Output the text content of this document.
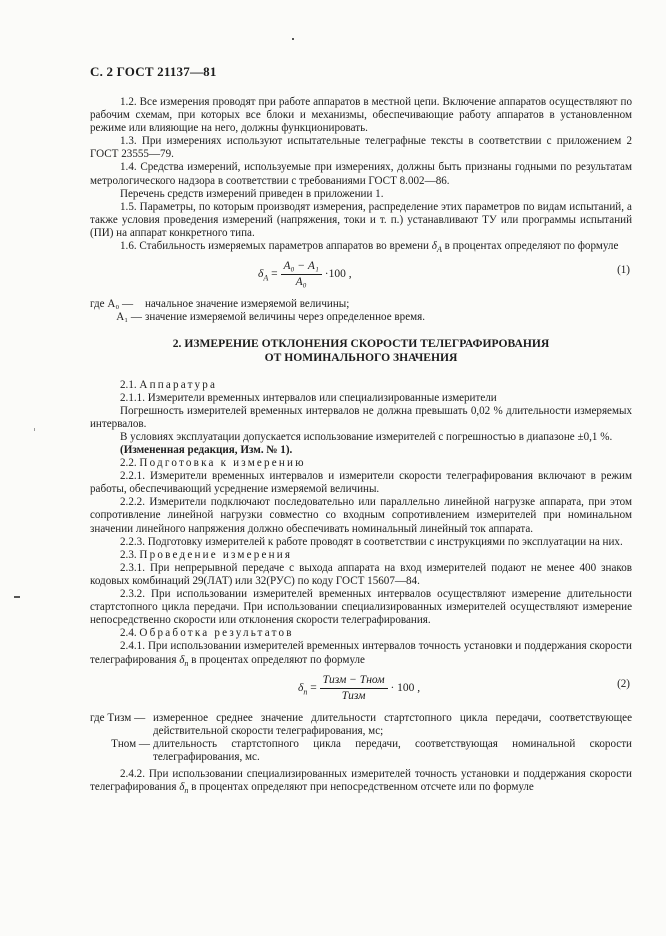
С. 2 ГОСТ 21137—81

1.2. Все измерения проводят при работе аппаратов в местной цепи. Включение аппаратов осуществляют по рабочим схемам, при которых все блоки и механизмы, обеспечивающие работу аппаратов в установленном режиме или влияющие на него, должны функционировать.

1.3. При измерениях используют испытательные телеграфные тексты в соответствии с приложением 2 ГОСТ 23555—79.

1.4. Средства измерений, используемые при измерениях, должны быть признаны годными по результатам метрологического надзора в соответствии с требованиями ГОСТ 8.002—86.

Перечень средств измерений приведен в приложении 1.

1.5. Параметры, по которым производят измерения, распределение этих параметров по видам испытаний, а также условия проведения измерений (напряжения, токи и т. п.) устанавливают ТУ или программы испытаний (ПИ) на аппарат конкретного типа.

1.6. Стабильность измеряемых параметров аппаратов во времени $\delta_A$ в процентах определяют по формуле

$\delta_A = \frac{\text{A₀ − A₁}}{\text{A₀}} \cdot 100$ ,	(1)
где A₀ —	начальное значение измеряемой величины;
A₁ — значение измеряемой величины через определенное время.
2. ИЗМЕРЕНИЕ ОТКЛОНЕНИЯ СКОРОСТИ ТЕЛЕГРАФИРОВАНИЯ
ОТ НОМИНАЛЬНОГО ЗНАЧЕНИЯ

2.1. Аппаратура

2.1.1. Измерители временных интервалов или специализированные измерители

Погрешность измерителей временных интервалов не должна превышать 0,02 % длительности измеряемых интервалов.

В условиях эксплуатации допускается использование измерителей с погрешностью в диапазоне ±0,1 %.

(Измененная редакция, Изм. № 1).

2.2. Подготовка к измерению

2.2.1. Измерители временных интервалов и измерители скорости телеграфирования включают в режим работы, обеспечивающий усреднение измеряемой величины.

2.2.2. Измерители подключают последовательно или параллельно линейной нагрузке аппарата, при этом сопротивление линейной нагрузки совместно со входным сопротивлением измерителей при номинальном значении линейного напряжения должно обеспечивать номинальный линейный ток аппарата.

2.2.3. Подготовку измерителей к работе проводят в соответствии с инструкциями по эксплуатации на них.

2.3. Проведение измерения

2.3.1. При непрерывной передаче с выхода аппарата на вход измерителей подают не менее 400 знаков кодовых комбинаций 29(ЛАТ) или 32(РУС) по коду ГОСТ 15607—84.

2.3.2. При использовании измерителей временных интервалов осуществляют измерение длительности стартстопного цикла передачи. При использовании специализированных измерителей осуществляют измерение непосредственно скорости или отклонения скорости телеграфирования.

2.4. Обработка результатов

2.4.1. При использовании измерителей временных интервалов точность установки и поддержания скорости телеграфирования $\delta_п$ в процентах определяют по формуле

$\delta_п = \frac{\text{Tизм − Tном}}{\text{Tизм}} \cdot 100$ ,	(2)
где Tизм — измеренное среднее значение длительности стартстопного цикла передачи, соответствующее действительной скорости телеграфирования, мс;
Tном — длительность стартстопного цикла передачи, соответствующая номинальной скорости телеграфирования, мс.

2.4.2. При использовании специализированных измерителей точность установки и поддержания скорости телеграфирования $\delta_п$ в процентах определяют при непосредственном отсчете или по формуле
